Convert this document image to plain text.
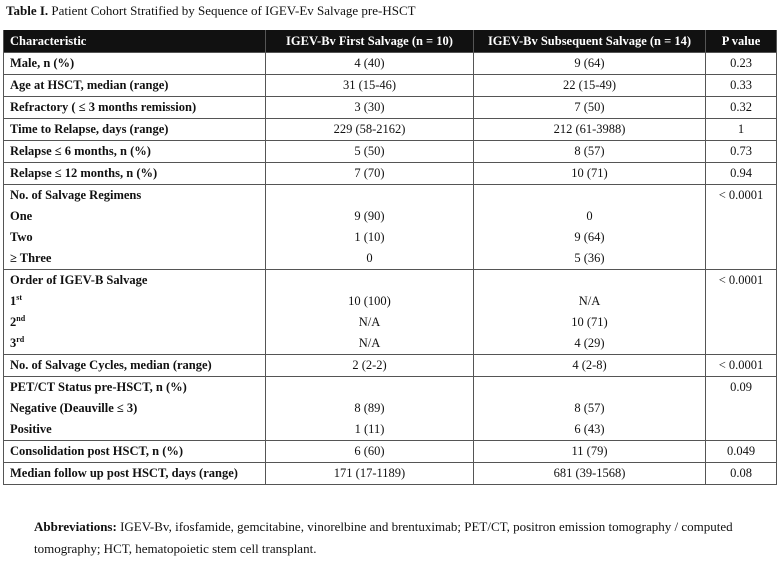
Table I. Patient Cohort Stratified by Sequence of IGEV-Ev Salvage pre-HSCT
Characteristic	IGEV-Bv First Salvage (n = 10)	IGEV-Bv Subsequent Salvage (n = 14)	P value
Male, n (%)	4 (40)	9 (64)	0.23
Age at HSCT, median (range)	31 (15-46)	22 (15-49)	0.33
Refractory ( ≤ 3 months remission)	3 (30)	7 (50)	0.32
Time to Relapse, days (range)	229 (58-2162)	212 (61-3988)	1
Relapse ≤ 6 months, n (%)	5 (50)	8 (57)	0.73
Relapse ≤ 12 months, n (%)	7 (70)	10 (71)	0.94
No. of Salvage Regimens			< 0.0001
One	9 (90)	0	
Two	1 (10)	9 (64)	
≥ Three	0	5 (36)	
Order of IGEV-B Salvage			< 0.0001
1st	10 (100)	N/A	
2nd	N/A	10 (71)	
3rd	N/A	4 (29)	
No. of Salvage Cycles, median (range)	2 (2-2)	4 (2-8)	< 0.0001
PET/CT Status pre-HSCT, n (%)			0.09
Negative (Deauville ≤ 3)	8 (89)	8 (57)	
Positive	1 (11)	6 (43)	
Consolidation post HSCT, n (%)	6 (60)	11 (79)	0.049
Median follow up post HSCT, days (range)	171 (17-1189)	681 (39-1568)	0.08
Abbreviations: IGEV-Bv, ifosfamide, gemcitabine, vinorelbine and brentuximab; PET/CT, positron emission tomography / computed tomography; HCT, hematopoietic stem cell transplant.
